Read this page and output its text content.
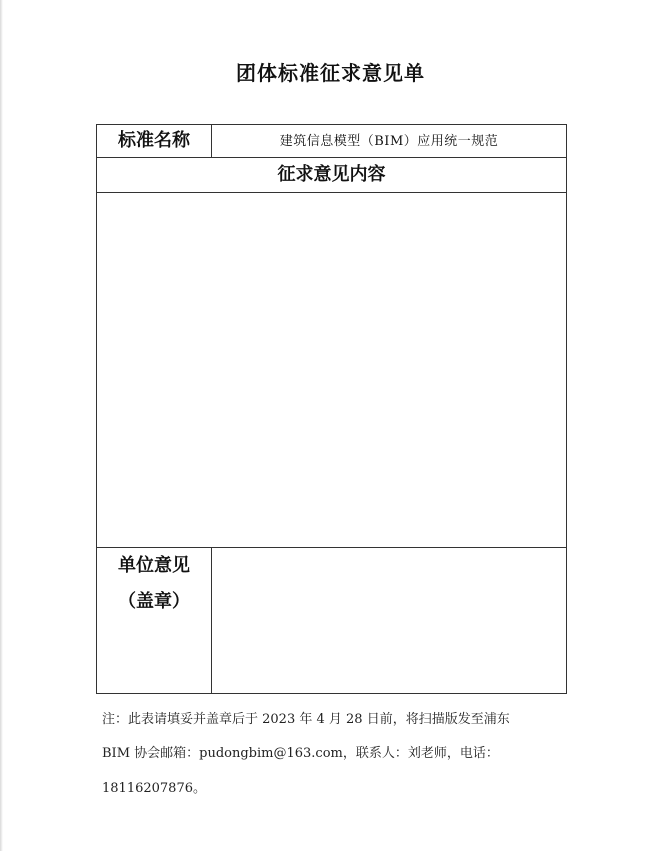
团体标准征求意见单
标准名称	建筑信息模型（BIM）应用统一规范
征求意见内容
单位意见
（盖章）
注：此表请填妥并盖章后于 2023 年 4 月 28 日前，将扫描版发至浦东
BIM 协会邮箱：pudongbim@163.com，联系人：刘老师，电话：
18116207876。
